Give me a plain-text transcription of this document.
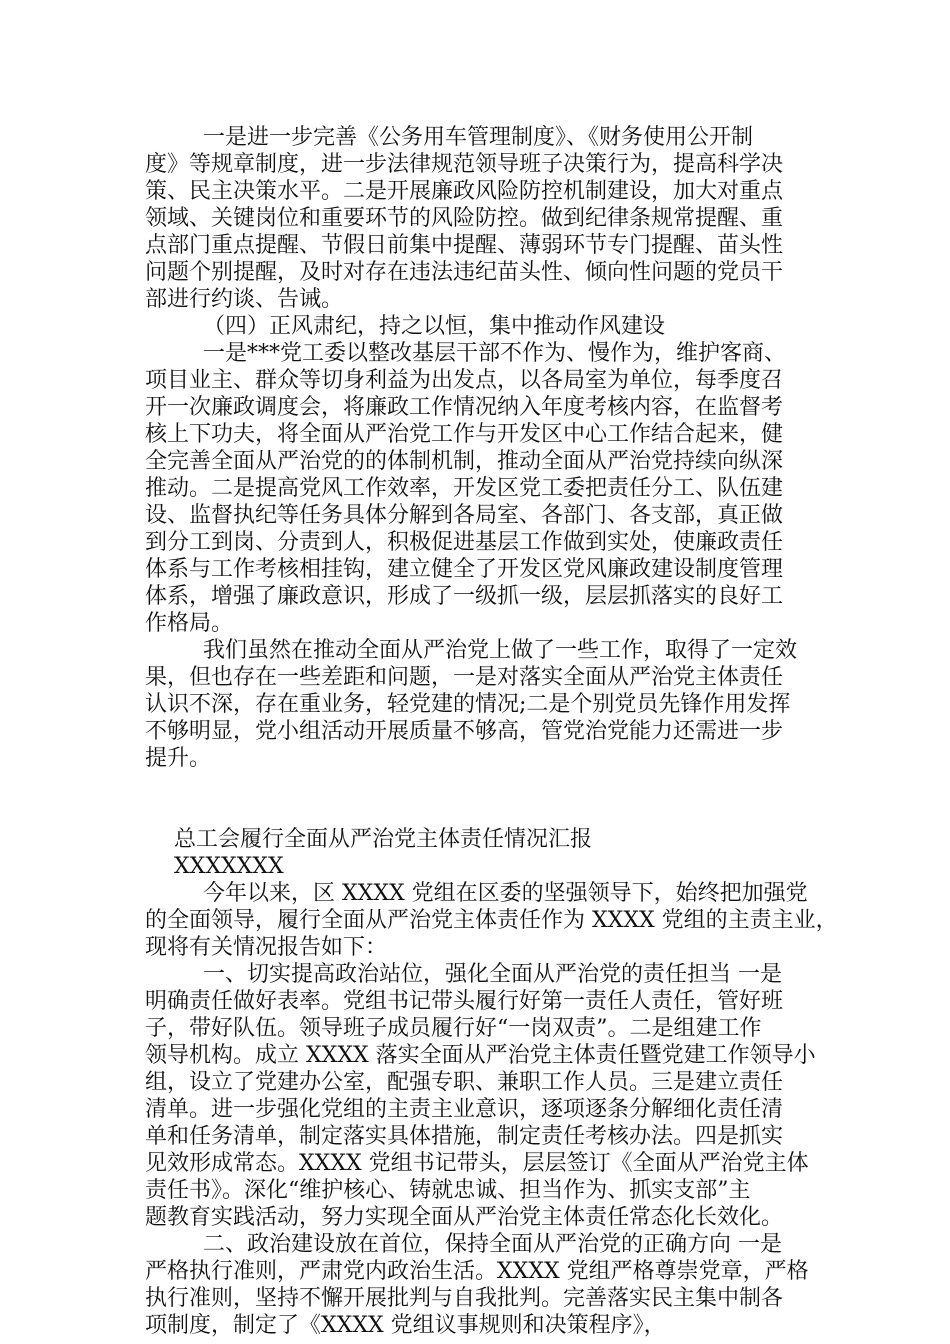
一是进一步完善《公务用车管理制度》、《财务使用公开制
度》等规章制度，进一步法律规范领导班子决策行为，提高科学决
策、民主决策水平。二是开展廉政风险防控机制建设，加大对重点
领域、关键岗位和重要环节的风险防控。做到纪律条规常提醒、重
点部门重点提醒、节假日前集中提醒、薄弱环节专门提醒、苗头性
问题个别提醒，及时对存在违法违纪苗头性、倾向性问题的党员干
部进行约谈、告诫。
（四）正风肃纪，持之以恒，集中推动作风建设
一是***党工委以整改基层干部不作为、慢作为，维护客商、
项目业主、群众等切身利益为出发点，以各局室为单位，每季度召
开一次廉政调度会，将廉政工作情况纳入年度考核内容，在监督考
核上下功夫，将全面从严治党工作与开发区中心工作结合起来，健
全完善全面从严治党的的体制机制，推动全面从严治党持续向纵深
推动。二是提高党风工作效率，开发区党工委把责任分工、队伍建
设、监督执纪等任务具体分解到各局室、各部门、各支部，真正做
到分工到岗、分责到人，积极促进基层工作做到实处，使廉政责任
体系与工作考核相挂钩，建立健全了开发区党风廉政建设制度管理
体系，增强了廉政意识，形成了一级抓一级，层层抓落实的良好工
作格局。
我们虽然在推动全面从严治党上做了一些工作，取得了一定效
果，但也存在一些差距和问题，一是对落实全面从严治党主体责任
认识不深，存在重业务，轻党建的情况;二是个别党员先锋作用发挥
不够明显，党小组活动开展质量不够高，管党治党能力还需进一步
提升。
总工会履行全面从严治党主体责任情况汇报
XXXXXXX
今年以来，区 XXXX 党组在区委的坚强领导下，始终把加强党
的全面领导，履行全面从严治党主体责任作为 XXXX 党组的主责主业，
现将有关情况报告如下：
一、切实提高政治站位，强化全面从严治党的责任担当 一是
明确责任做好表率。党组书记带头履行好第一责任人责任，管好班
子，带好队伍。领导班子成员履行好“一岗双责”。二是组建工作
领导机构。成立 XXXX 落实全面从严治党主体责任暨党建工作领导小
组，设立了党建办公室，配强专职、兼职工作人员。三是建立责任
清单。进一步强化党组的主责主业意识，逐项逐条分解细化责任清
单和任务清单，制定落实具体措施，制定责任考核办法。四是抓实
见效形成常态。XXXX 党组书记带头，层层签订《全面从严治党主体
责任书》。深化“维护核心、铸就忠诚、担当作为、抓实支部”主
题教育实践活动，努力实现全面从严治党主体责任常态化长效化。
二、政治建设放在首位，保持全面从严治党的正确方向 一是
严格执行准则，严肃党内政治生活。XXXX 党组严格尊崇党章，严格
执行准则，坚持不懈开展批判与自我批判。完善落实民主集中制各
项制度，制定了《XXXX 党组议事规则和决策程序》，
